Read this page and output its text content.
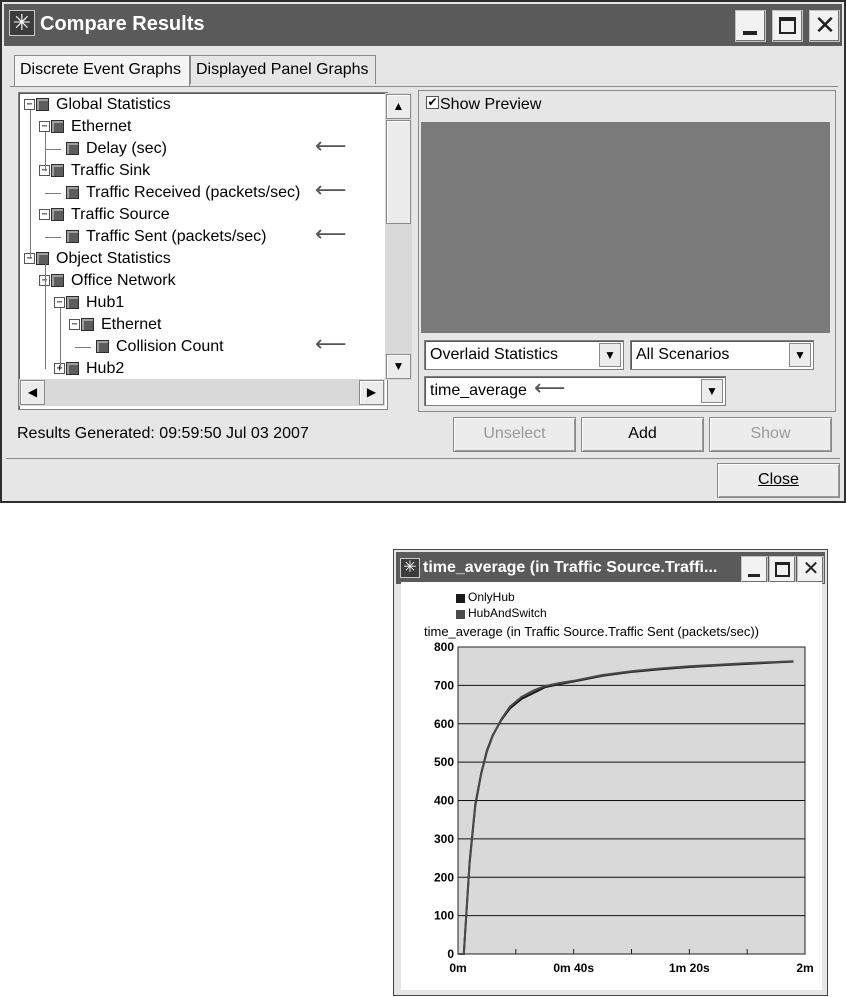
✳ Compare Results	✕
Discrete Event Graphs Displayed Panel Graphs
− Global Statistics
− Ethernet
Delay (sec)	⟵
− Traffic Sink
Traffic Received (packets/sec) ⟵
− Traffic Source
Traffic Sent (packets/sec) ⟵
− Object Statistics
− Office Network
− Hub1
− Ethernet
Collision Count	⟵
+ Hub2
▲
▼
◀	▶
✔ Show Preview
Overlaid Statistics	▼	All Scenarios	▼
time_average	▼
⟵
Results Generated: 09:59:50 Jul 03 2007	Unselect	Add	Show
Close
✳ time_average (in Traffic Source.Traffi...	✕
OnlyHub
HubAndSwitch
time_average (in Traffic Source.Traffic Sent (packets/sec))
0
100
200
300
400
500
600
700
800
0m	0m 40s	1m 20s	2m
